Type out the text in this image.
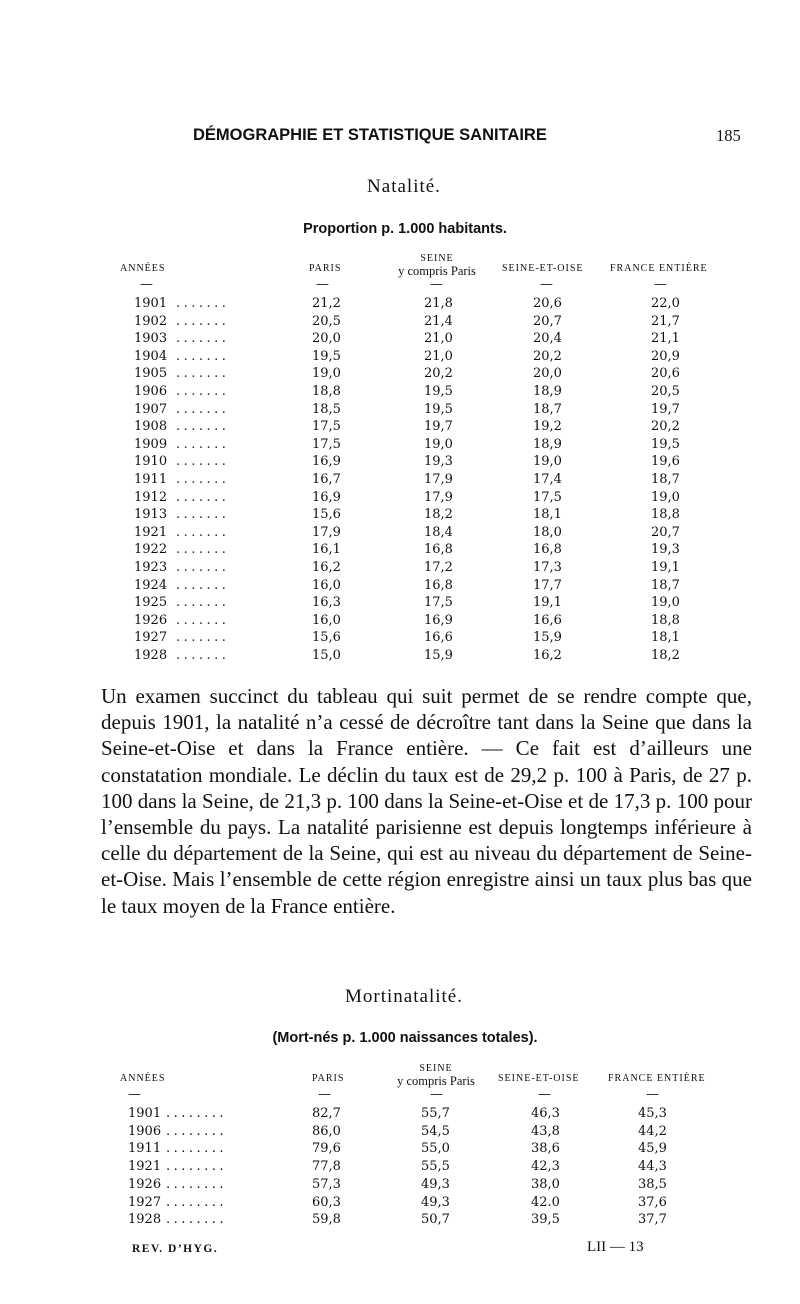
DÉMOGRAPHIE ET STATISTIQUE SANITAIRE	185
Natalité.
Proportion p. 1.000 habitants.
ANNÉES	PARIS
SEINE
y compris Paris	SEINE-ET-OISE	FRANCE ENTIÈRE
—	—	—	—	—
1901 .......	21,2	21,8	20,6	22,0
1902 .......	20,5	21,4	20,7	21,7
1903 .......	20,0	21,0	20,4	21,1
1904 .......	19,5	21,0	20,2	20,9
1905 .......	19,0	20,2	20,0	20,6
1906 .......	18,8	19,5	18,9	20,5
1907 .......	18,5	19,5	18,7	19,7
1908 .......	17,5	19,7	19,2	20,2
1909 .......	17,5	19,0	18,9	19,5
1910 .......	16,9	19,3	19,0	19,6
1911 .......	16,7	17,9	17,4	18,7
1912 .......	16,9	17,9	17,5	19,0
1913 .......	15,6	18,2	18,1	18,8
1921 .......	17,9	18,4	18,0	20,7
1922 .......	16,1	16,8	16,8	19,3
1923 .......	16,2	17,2	17,3	19,1
1924 .......	16,0	16,8	17,7	18,7
1925 .......	16,3	17,5	19,1	19,0
1926 .......	16,0	16,9	16,6	18,8
1927 .......	15,6	16,6	15,9	18,1
1928 .......	15,0	15,9	16,2	18,2

Un examen succinct du tableau qui suit permet de se rendre compte que, depuis 1901, la natalité n’a cessé de décroître tant dans la Seine que dans la Seine-et-Oise et dans la France entière. — Ce fait est d’ailleurs une constatation mondiale. Le déclin du taux est de 29,2 p. 100 à Paris, de 27 p. 100 dans la Seine, de 21,3 p. 100 dans la Seine-et-Oise et de 17,3 p. 100 pour l’ensemble du pays. La natalité parisienne est depuis longtemps inférieure à celle du département de la Seine, qui est au niveau du département de Seine-et-Oise. Mais l’ensemble de cette région enregistre ainsi un taux plus bas que le taux moyen de la France entière.

Mortinatalité.
(Mort-nés p. 1.000 naissances totales).
ANNÉES	PARIS
SEINE
y compris Paris	SEINE-ET-OISE	FRANCE ENTIÈRE
—	—	—	—	—
1901 ........	82,7	55,7	46,3	45,3
1906 ........	86,0	54,5	43,8	44,2
1911 ........	79,6	55,0	38,6	45,9
1921 ........	77,8	55,5	42,3	44,3
1926 ........	57,3	49,3	38,0	38,5
1927 ........	60,3	49,3	42.0	37,6
1928 ........	59,8	50,7	39,5	37,7
REV. D’HYG.	LII — 13
